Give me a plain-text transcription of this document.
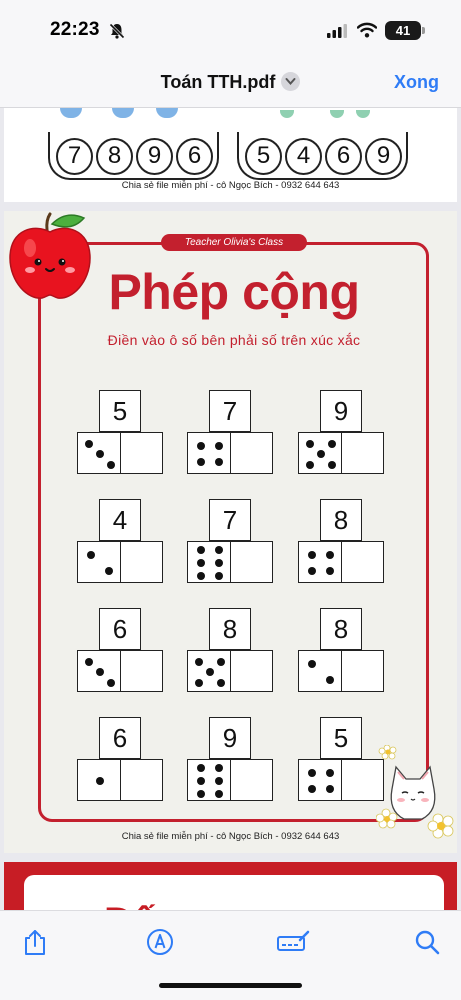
22:23	41
Toán TTH.pdf	Xong
7	8	9	6	5	4	6	9
Chia sẻ file miễn phí - cô Ngọc Bích - 0932 644 643
Teacher Olivia's Class
Phép cộng
Điền vào ô số bên phải số trên xúc xắc
5	7	9
4	7	8
6	8	8
6	9	5
Chia sẻ file miễn phí - cô Ngọc Bích - 0932 644 643
